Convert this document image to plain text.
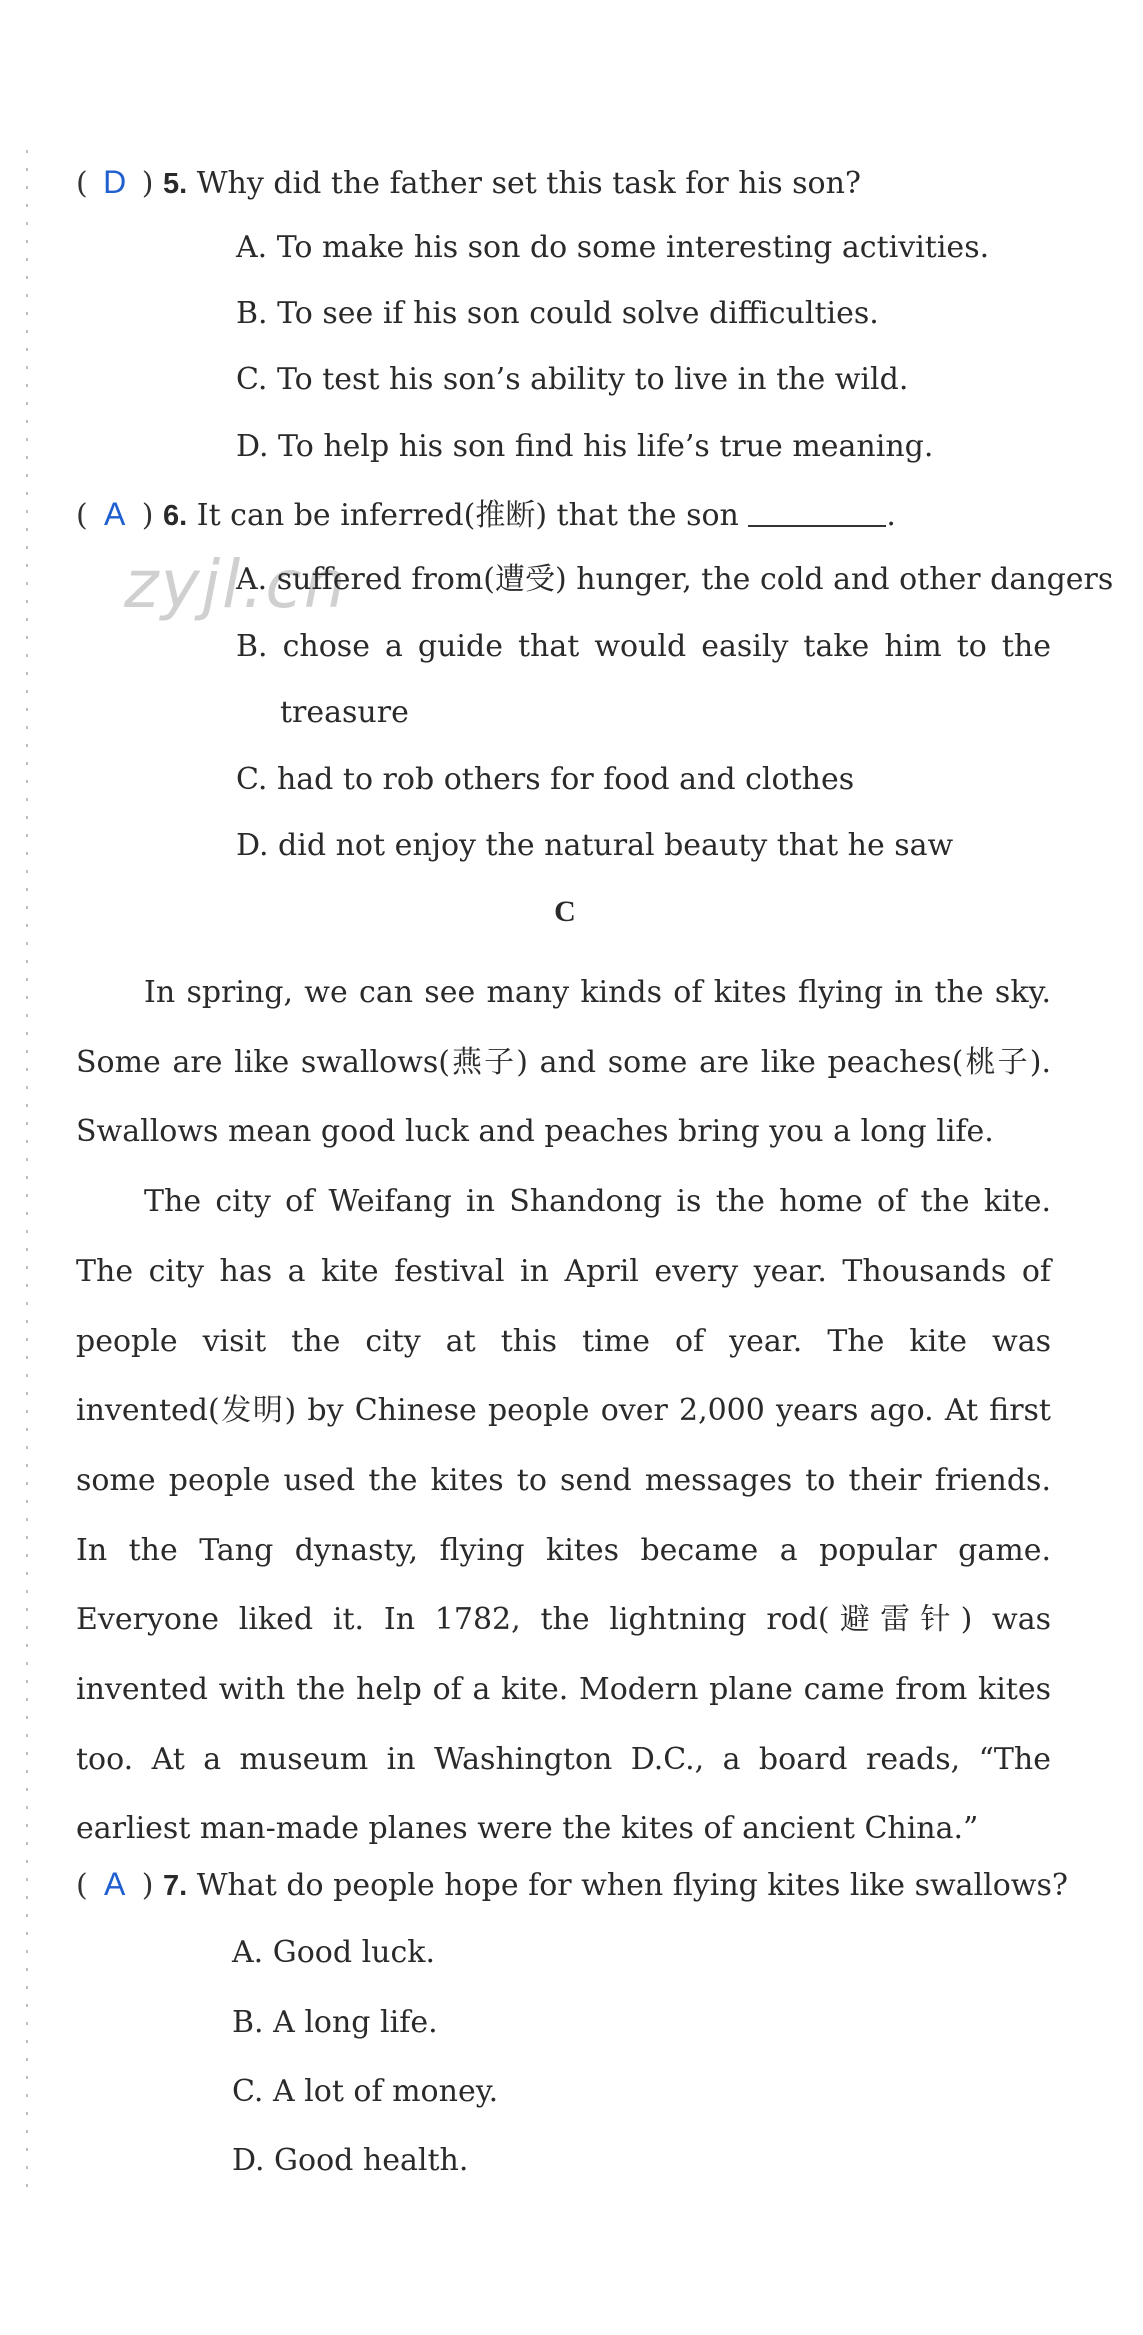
( D ) 5. Why did the father set this task for his son?
A. To make his son do some interesting activities.
B. To see if his son could solve difficulties.
C. To test his son’s ability to live in the wild.
D. To help his son find his life’s true meaning.
( A ) 6. It can be inferred(推断) that the son	.
zyjl.cn
A. suffered from(遭受) hunger, the cold and other dangers
B. chose a guide that would easily take him to the
treasure
C. had to rob others for food and clothes
D. did not enjoy the natural beauty that he saw
C

In spring, we can see many kinds of kites flying in the sky. Some are like swallows(燕子) and some are like peaches(桃子). Swallows mean good luck and peaches bring you a long life.

The city of Weifang in Shandong is the home of the kite. The city has a kite festival in April every year. Thousands of people visit the city at this time of year. The kite was invented(发明) by Chinese people over 2,000 years ago. At first some people used the kites to send messages to their friends. In the Tang dynasty, flying kites became a popular game. Everyone liked it. In 1782, the lightning rod(避雷针) was invented with the help of a kite. Modern plane came from kites too. At a museum in Washington D.C., a board reads, “The earliest man-made planes were the kites of ancient China.”

( A ) 7. What do people hope for when flying kites like swallows?
A. Good luck.
B. A long life.
C. A lot of money.
D. Good health.
